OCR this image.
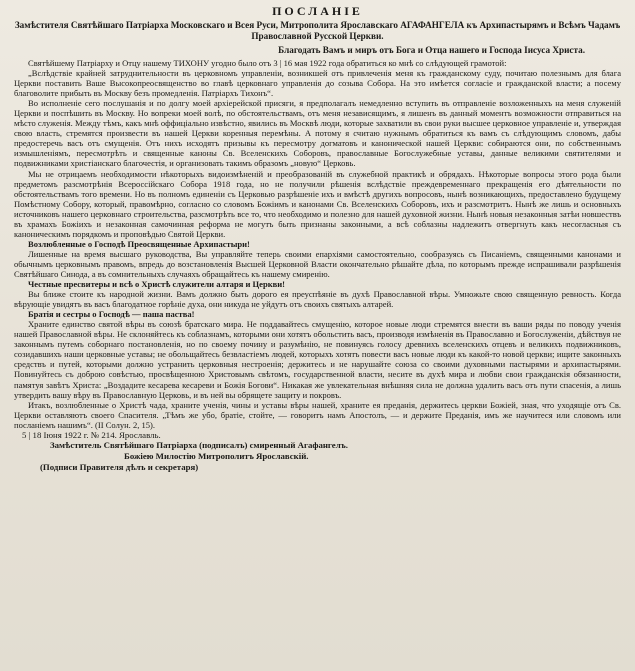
ПОСЛАНІЕ
Замѣстителя Святѣйшаго Патріарха Московскаго и Всея Руси, Митрополита Ярославскаго АГАФАНГЕЛА къ Архипастырямъ и Всѣмъ Чадамъ Православной Русской Церкви.
Благодать Вамъ и миръ отъ Бога и Отца нашего и Господа Іисуса Христа.

Святѣйшему Патріарху и Отцу нашему ТИХОНУ угодно было отъ 3 | 16 мая 1922 года обратиться ко мнѣ со слѣдующей грамотой:

„Вслѣдствіе крайней затруднительности въ церковномъ управленіи, возникшей отъ привлеченія меня къ гражданскому суду, почитаю полезнымъ для блага Церкви поставить Ваше Высокопреосвященство во главѣ церковнаго управленія до созыва Собора. На это имѣется согласіе и гражданской власти; а посему благоволите прибыть въ Москву безъ промедленія. Патріархъ Тихонъ“.

Во исполненіе сего послушанія и по долгу моей архіерейской присяги, я предполагалъ немедленно вступить въ отправленіе возложенныхъ на меня служеній Церкви и поспѣшить въ Москву. Но вопреки моей волѣ, по обстоятельствамъ, отъ меня независящимъ, я лишенъ въ данный моментъ возможности отправиться на мѣсто служенія. Между тѣмъ, какъ мнѣ оффиціально извѣстно, явились въ Москвѣ люди, которые захватили въ свои руки высшее церковное управленіе и, утверждая свою власть, стремятся произвести въ нашей Церкви коренныя перемѣны. А потому я считаю нужнымъ обратиться къ вамъ съ слѣдующимъ словомъ, дабы предостеречь васъ отъ смущенія. Отъ нихъ исходятъ призывы къ пересмотру догматовъ и канонической нашей Церкви: собираются они, по собственнымъ измышленіямъ, пересмотрѣть и священные каноны Св. Вселенскихъ Соборовъ, православные Богослужебные уставы, данные великими святителями и подвижниками христіанскаго благочестія, и организовать такимъ образомъ „новую“ Церковь.

Мы не отрицаемъ необходимости нѣкоторыхъ видоизмѣненій и преобразованій въ служебной практикѣ и обрядахъ. Нѣкоторые вопросы этого рода были предметомъ разсмотрѣнія Всероссійскаго Собора 1918 года, но не получили рѣшенія вслѣдствіе преждевременнаго прекращенія его дѣятельности по обстоятельствамъ того времени. Но въ полномъ единеніи съ Церковью разрѣшеніе ихъ и вмѣстѣ другихъ вопросовъ, нынѣ возникающихъ, предоставлено будущему Помѣстному Собору, который, правомѣрно, согласно со словомъ Божіимъ и канонами Св. Вселенскихъ Соборовъ, ихъ и разсмотритъ. Нынѣ же лишь и основныхъ источниковъ нашего церковнаго строительства, разсмотрѣть все то, что необходимо и полезно для нашей духовной жизни. Нынѣ новыя незаконныя затѣи новшествъ въ храмахъ Божіихъ и незаконная самочинная реформа не могутъ быть признаны законными, а всѣ соблазны надлежитъ отвергнуть какъ несогласныя съ каноническимъ порядкомъ и проповѣдью Святой Церкви.

Возлюбленные о Господѣ Преосвященные Архипастыри!

Лишенные на время высшаго руководства, Вы управляйте теперь своими епархіями самостоятельно, сообразуясь съ Писаніемъ, священными канонами и обычнымъ церковнымъ правомъ, впредь до возстановленія Высшей Церковной Власти окончательно рѣшайте дѣла, по которымъ прежде испрашивали разрѣшенія Святѣйшаго Синода, а въ сомнительныхъ случаяхъ обращайтесь къ нашему смиренію.

Честные пресвитеры и всѣ о Христѣ служители алтаря и Церкви!

Вы ближе стоите къ народной жизни. Вамъ должно быть дорого ея преуспѣяніе въ духѣ Православной вѣры. Умножьте свою священную ревность. Когда вѣрующіе увидятъ въ васъ благодатное горѣніе духа, они никуда не уйдутъ отъ своихъ святыхъ алтарей.

Братія и сестры о Господѣ — паша паства!

Храните единство святой вѣры въ союзѣ братскаго мира. Не поддавайтесь смущенію, которое новые люди стремятся внести въ ваши ряды по поводу ученія нашей Православной вѣры. Не склоняйтесь къ соблазнамъ, которыми они хотятъ обольстить васъ, производя измѣненія въ Православно и Богослуженіи, дѣйствуя не законнымъ путемъ соборнаго постановленія, но по своему почину и разумѣнію, не повинуясь голосу древнихъ вселенскихъ отцевъ и великихъ подвижниковъ, созидавшихъ наши церковные уставы; не обольщайтесь безвластіемъ людей, которыхъ хотятъ повести васъ новые люди къ какой-то новой церкви; ищите законныхъ средствъ и путей, которыми должно устранить церковныя нестроенія; держитесь и не нарушайте союза со своими духовными пастырями и архипастырями. Повинуйтесь съ доброю совѣстью, просвѣщенною Христовымъ свѣтомъ, государственной власти, несите въ духѣ мира и любви свои гражданскія обязанности, памятуя завѣтъ Христа: „Воздадите кесарева кесареви и Божія Богови“. Никакая же увлекательная внѣшняя сила не должна удалить васъ отъ пути спасенія, а лишь утвердить вашу вѣру въ Православную Церковь, и въ ней вы обрящете защиту и покровъ.

Итакъ, возлюбленные о Христѣ чада, храните ученія, чины и уставы вѣры нашей, храните ея преданія, держитесь церкви Божіей, зная, что уходящіе отъ Св. Церкви оставляютъ своего Спасителя. „Тѣмъ же убо, братіе, стойте, — говоритъ намъ Апостолъ, — и держите Преданія, имъ же научитеся или словомъ или посланіемъ нашимъ“. (II Солун. 2, 15).

5 | 18 Іюня 1922 г. № 214. Ярославль.
Замѣститель Святѣйшаго Патріарха (подписалъ) смиренный Агафангелъ.
Божіею Милостію Митрополитъ Ярославскій.
(Подписи Правителя дѣлъ и секретаря)
